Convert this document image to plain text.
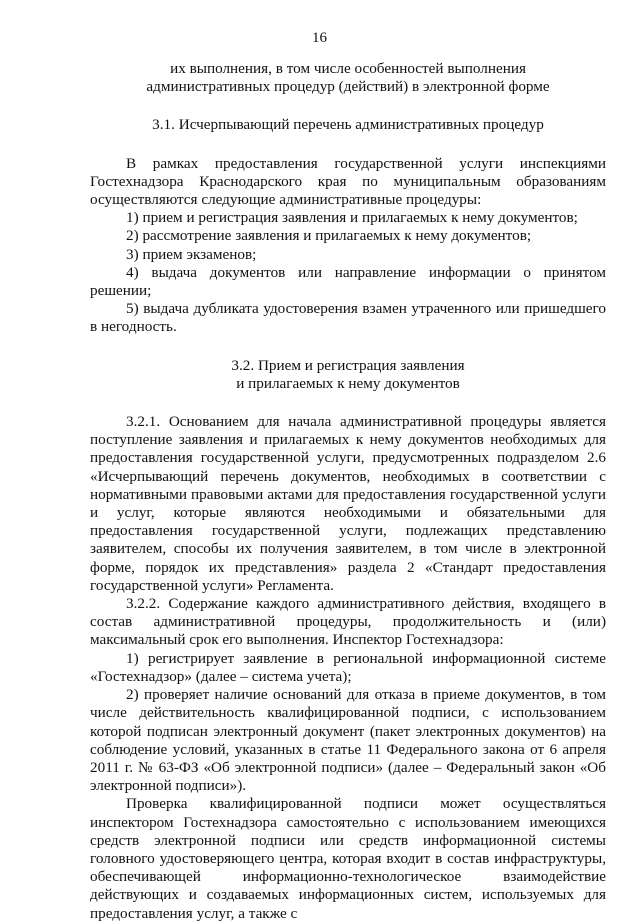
16

их выполнения, в том числе особенностей выполнения

административных процедур (действий) в электронной форме

3.1. Исчерпывающий перечень административных процедур

В рамках предоставления государственной услуги инспекциями Гостехнадзора Краснодарского края по муниципальным образованиям осуществляются следующие административные процедуры:

1) прием и регистрация заявления и прилагаемых к нему документов;

2) рассмотрение заявления и прилагаемых к нему документов;

3) прием экзаменов;

4) выдача документов или направление информации о принятом решении;

5) выдача дубликата удостоверения взамен утраченного или пришедшего в негодность.

3.2. Прием и регистрация заявления

и прилагаемых к нему документов

3.2.1. Основанием для начала административной процедуры является поступление заявления и прилагаемых к нему документов необходимых для предоставления государственной услуги, предусмотренных подразделом 2.6 «Исчерпывающий перечень документов, необходимых в соответствии с нормативными правовыми актами для предоставления государственной услуги и услуг, которые являются необходимыми и обязательными для предоставления государственной услуги, подлежащих представлению заявителем, способы их получения заявителем, в том числе в электронной форме, порядок их представления» раздела 2 «Стандарт предоставления государственной услуги» Регламента.

3.2.2. Содержание каждого административного действия, входящего в состав административной процедуры, продолжительность и (или) максимальный срок его выполнения. Инспектор Гостехнадзора:

1) регистрирует заявление в региональной информационной системе «Гостехнадзор» (далее – система учета);

2) проверяет наличие оснований для отказа в приеме документов, в том числе действительность квалифицированной подписи, с использованием которой подписан электронный документ (пакет электронных документов) на соблюдение условий, указанных в статье 11 Федерального закона от 6 апреля 2011 г. № 63-ФЗ «Об электронной подписи» (далее – Федеральный закон «Об электронной подписи»).

Проверка квалифицированной подписи может осуществляться инспектором Гостехнадзора самостоятельно с использованием имеющихся средств электронной подписи или средств информационной системы головного удостоверяющего центра, которая входит в состав инфраструктуры, обеспечивающей информационно-технологическое взаимодействие действующих и создаваемых информационных систем, используемых для предоставления услуг, а также с
